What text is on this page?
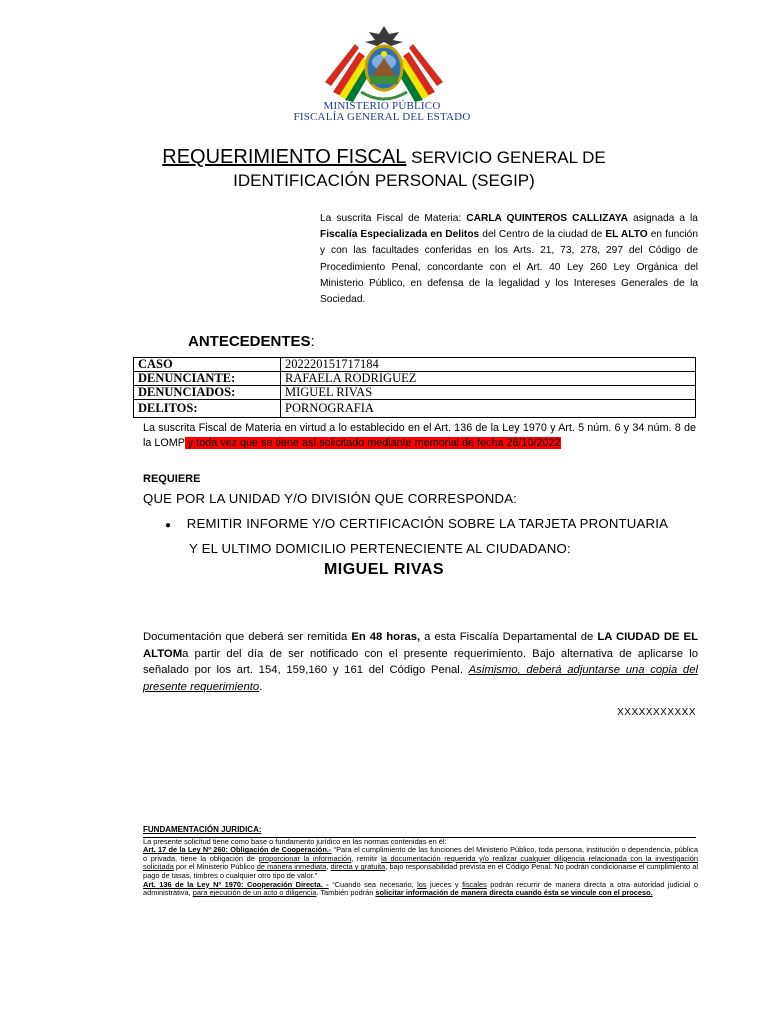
MINISTERIO PÚBLICO
FISCALÍA GENERAL DEL ESTADO
REQUERIMIENTO FISCAL SERVICIO GENERAL DE
IDENTIFICACIÓN PERSONAL (SEGIP)
La suscrita Fiscal de Materia: CARLA QUINTEROS CALLIZAYA asignada a la Fiscalía Especializada en Delitos del Centro de la ciudad de EL ALTO en función y con las facultades conferidas en los Arts. 21, 73, 278, 297 del Código de Procedimiento Penal, concordante con el Art. 40 Ley 260 Ley Orgánica del Ministerio Público, en defensa de la legalidad y los Intereses Generales de la Sociedad.
ANTECEDENTES:
CASO	202220151717184
DENUNCIANTE:	RAFAELA RODRIGUEZ
DENUNCIADOS:	MIGUEL RIVAS
DELITOS:	PORNOGRAFIA
La suscrita Fiscal de Materia en virtud a lo establecido en el Art. 136 de la Ley 1970 y Art. 5 núm. 6 y 34 núm. 8 de la LOMP y toda vez que se tiene así solicitado mediante memorial de fecha 28/10/2022
REQUIERE
QUE POR LA UNIDAD Y/O DIVISIÓN QUE CORRESPONDA:
● REMITIR INFORME Y/O CERTIFICACIÓN SOBRE LA TARJETA PRONTUARIA
Y EL ULTIMO DOMICILIO PERTENECIENTE AL CIUDADANO:
MIGUEL RIVAS
Documentación que deberá ser remitida En 48 horas, a esta Fiscalía Departamental de LA CIUDAD DE EL ALTOMa partir del día de ser notificado con el presente requerimiento. Bajo alternativa de aplicarse lo señalado por los art. 154, 159,160 y 161 del Código Penal. Asimismo, deberá adjuntarse una copia del presente requerimiento.
XXXXXXXXXXX
FUNDAMENTACIÓN JURIDICA:

La presente solicitud tiene como base o fundamento jurídico en las normas contenidas en él:

Art. 17 de la Ley Nº 260: Obligación de Cooperación.- “Para el cumplimiento de las funciones del Ministerio Público, toda persona, institución o dependencia, pública o privada, tiene la obligación de proporcionar la información, remitir la documentación requerida y/o realizar cualquier diligencia relacionada con la investigación solicitada por el Ministerio Público de manera inmediata, directa y gratuita, bajo responsabilidad prevista en el Código Penal. No podrán condicionarse el cumplimiento al pago de tasas, timbres o cualquier otro tipo de valor.”

Art. 136 de la Ley Nº 1970: Cooperación Directa. - “Cuando sea necesario, los jueces y fiscales podrán recurrir de manera directa a otra autoridad judicial o administrativa, para ejecución de un acto o diligencia. También podrán solicitar información de manera directa cuando ésta se vincule con el proceso.
